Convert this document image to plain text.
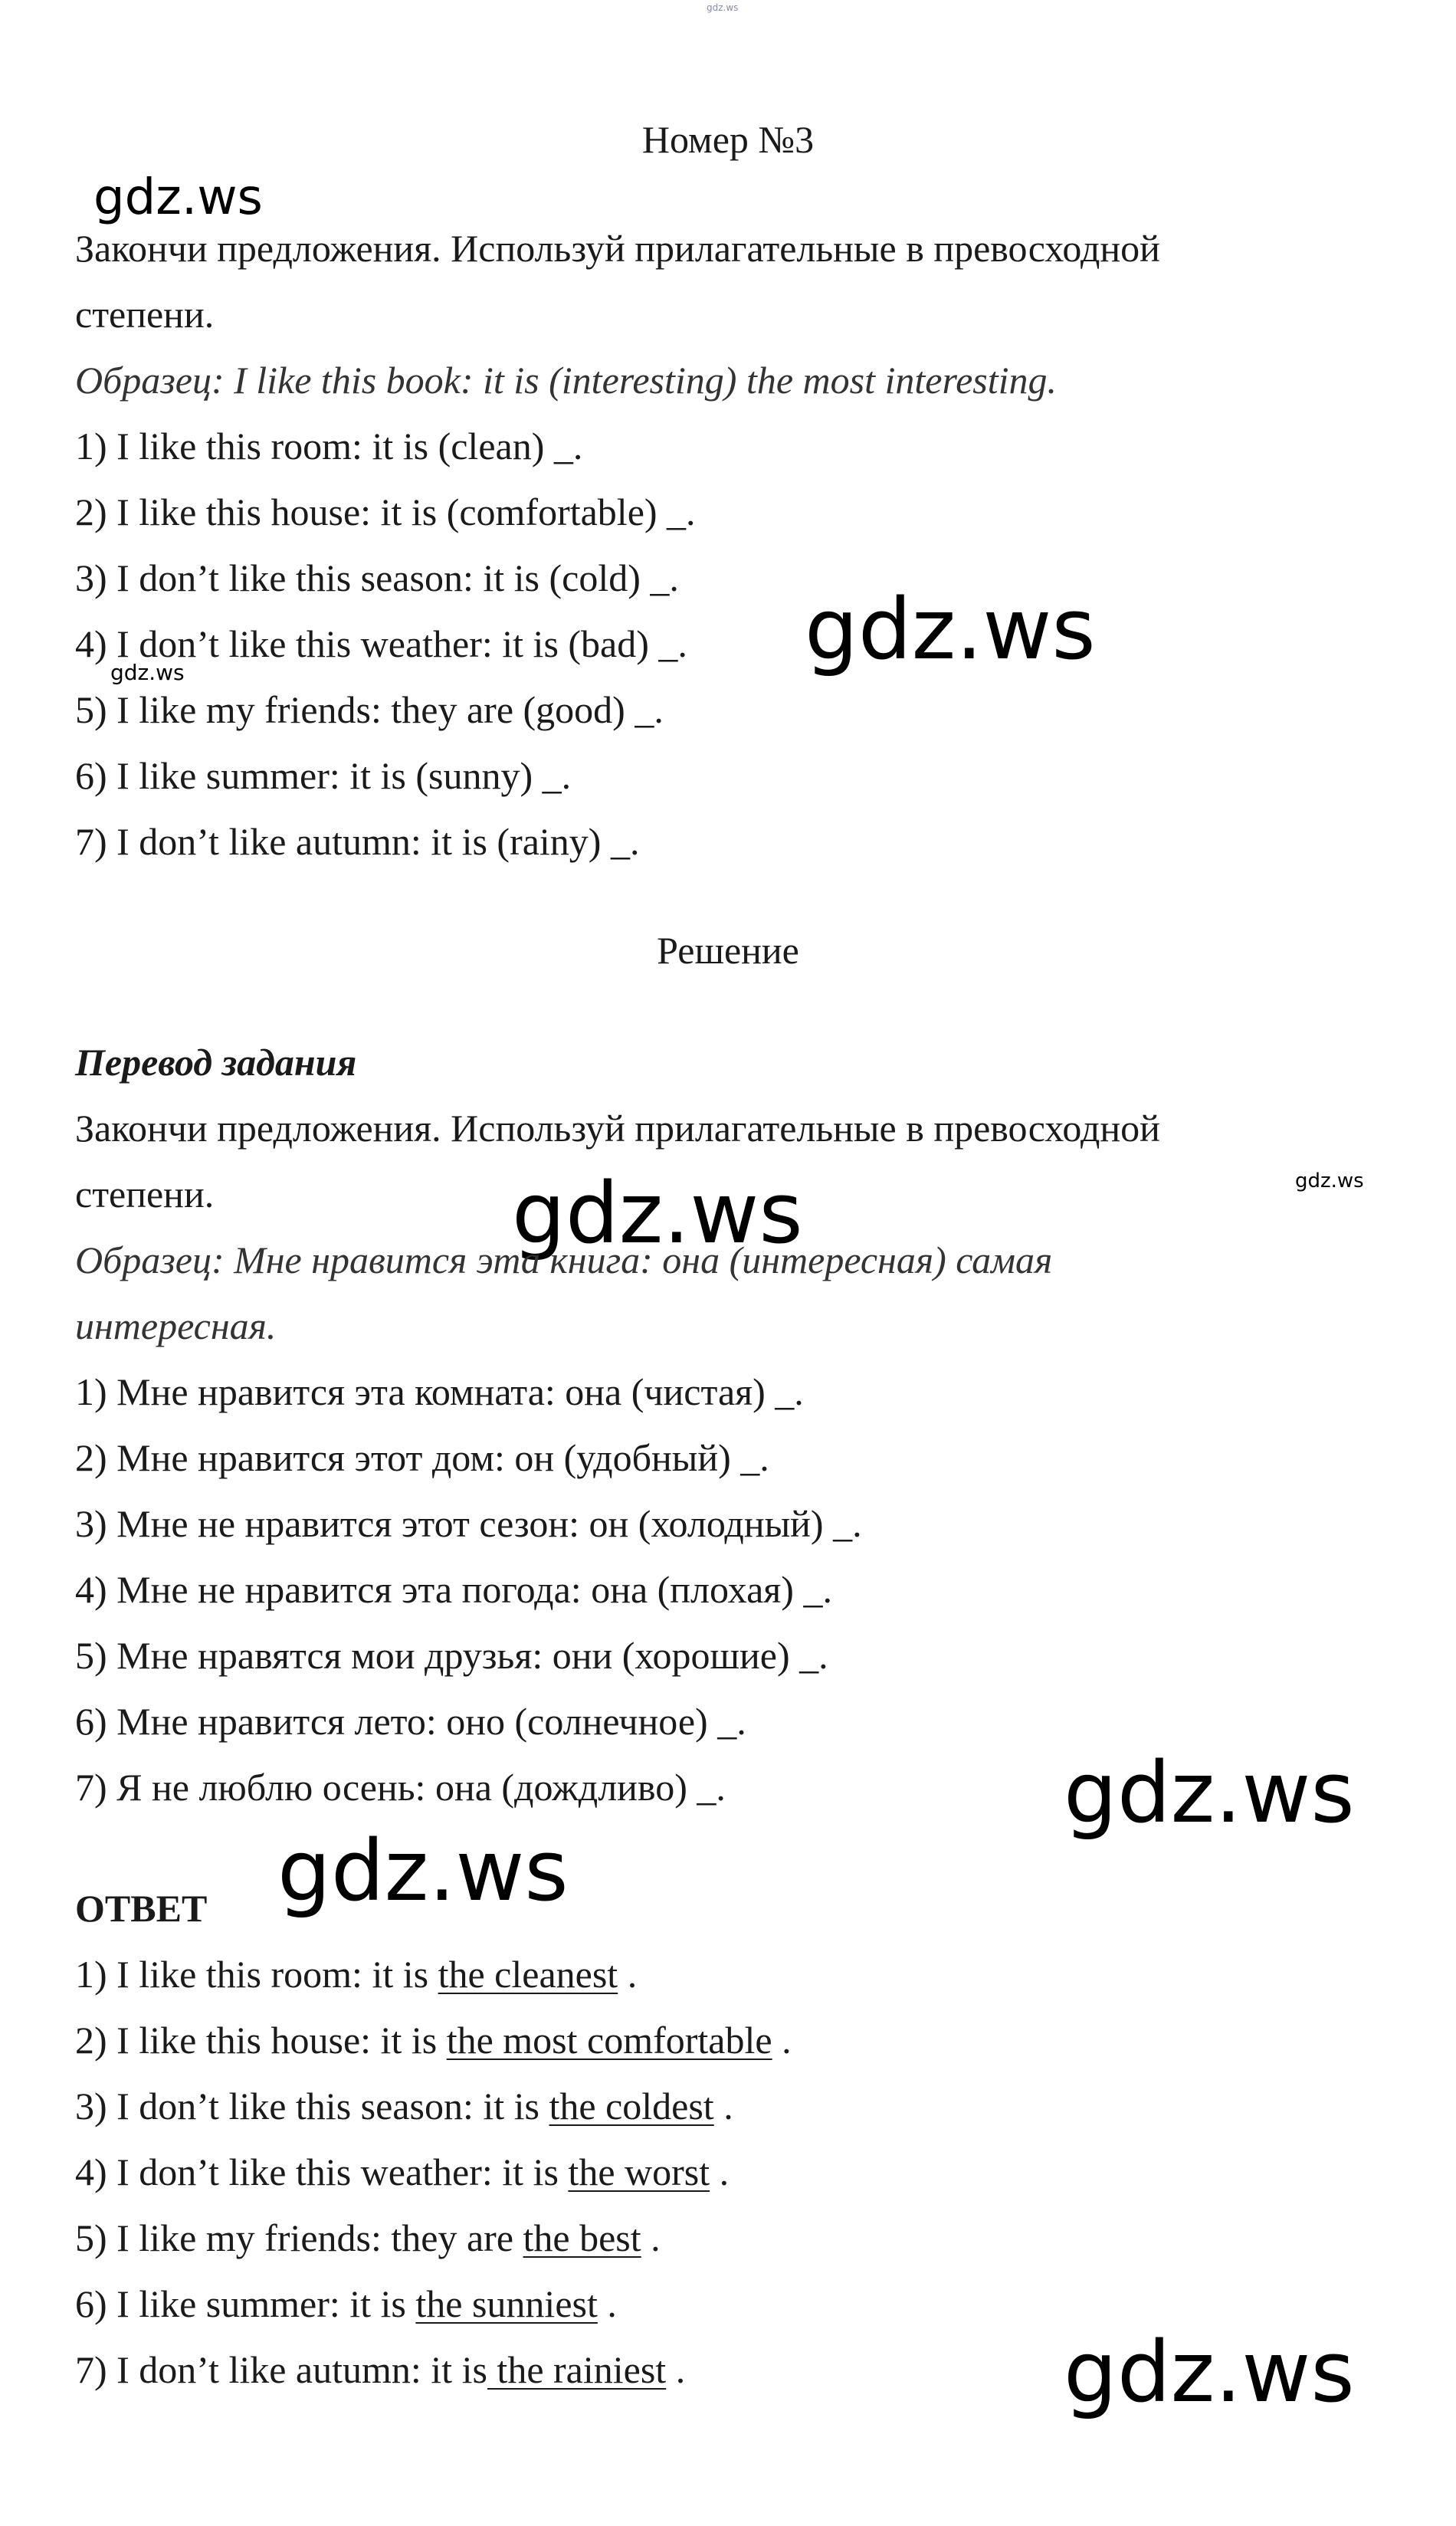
gdz.ws
gdz.ws
gdz.ws
gdz.ws
gdz.ws
gdz.ws
gdz.ws
gdz.ws
gdz.ws
Номер №3
Закончи предложения. Используй прилагательные в превосходной
степени.
Образец: I like this book: it is (interesting) the most interesting.
1) I like this room: it is (clean) _.
2) I like this house: it is (comfortable) _.
3) I don’t like this season: it is (cold) _.
4) I don’t like this weather: it is (bad) _.
5) I like my friends: they are (good) _.
6) I like summer: it is (sunny) _.
7) I don’t like autumn: it is (rainy) _.
Решение
Перевод задания
Закончи предложения. Используй прилагательные в превосходной
степени.
Образец: Мне нравится эта книга: она (интересная) самая
интересная.
1) Мне нравится эта комната: она (чистая) _.
2) Мне нравится этот дом: он (удобный) _.
3) Мне не нравится этот сезон: он (холодный) _.
4) Мне не нравится эта погода: она (плохая) _.
5) Мне нравятся мои друзья: они (хорошие) _.
6) Мне нравится лето: оно (солнечное) _.
7) Я не люблю осень: она (дождливо) _.
ОТВЕТ
1) I like this room: it is the cleanest .
2) I like this house: it is the most comfortable .
3) I don’t like this season: it is the coldest .
4) I don’t like this weather: it is the worst .
5) I like my friends: they are the best .
6) I like summer: it is the sunniest .
7) I don’t like autumn: it is the rainiest .
